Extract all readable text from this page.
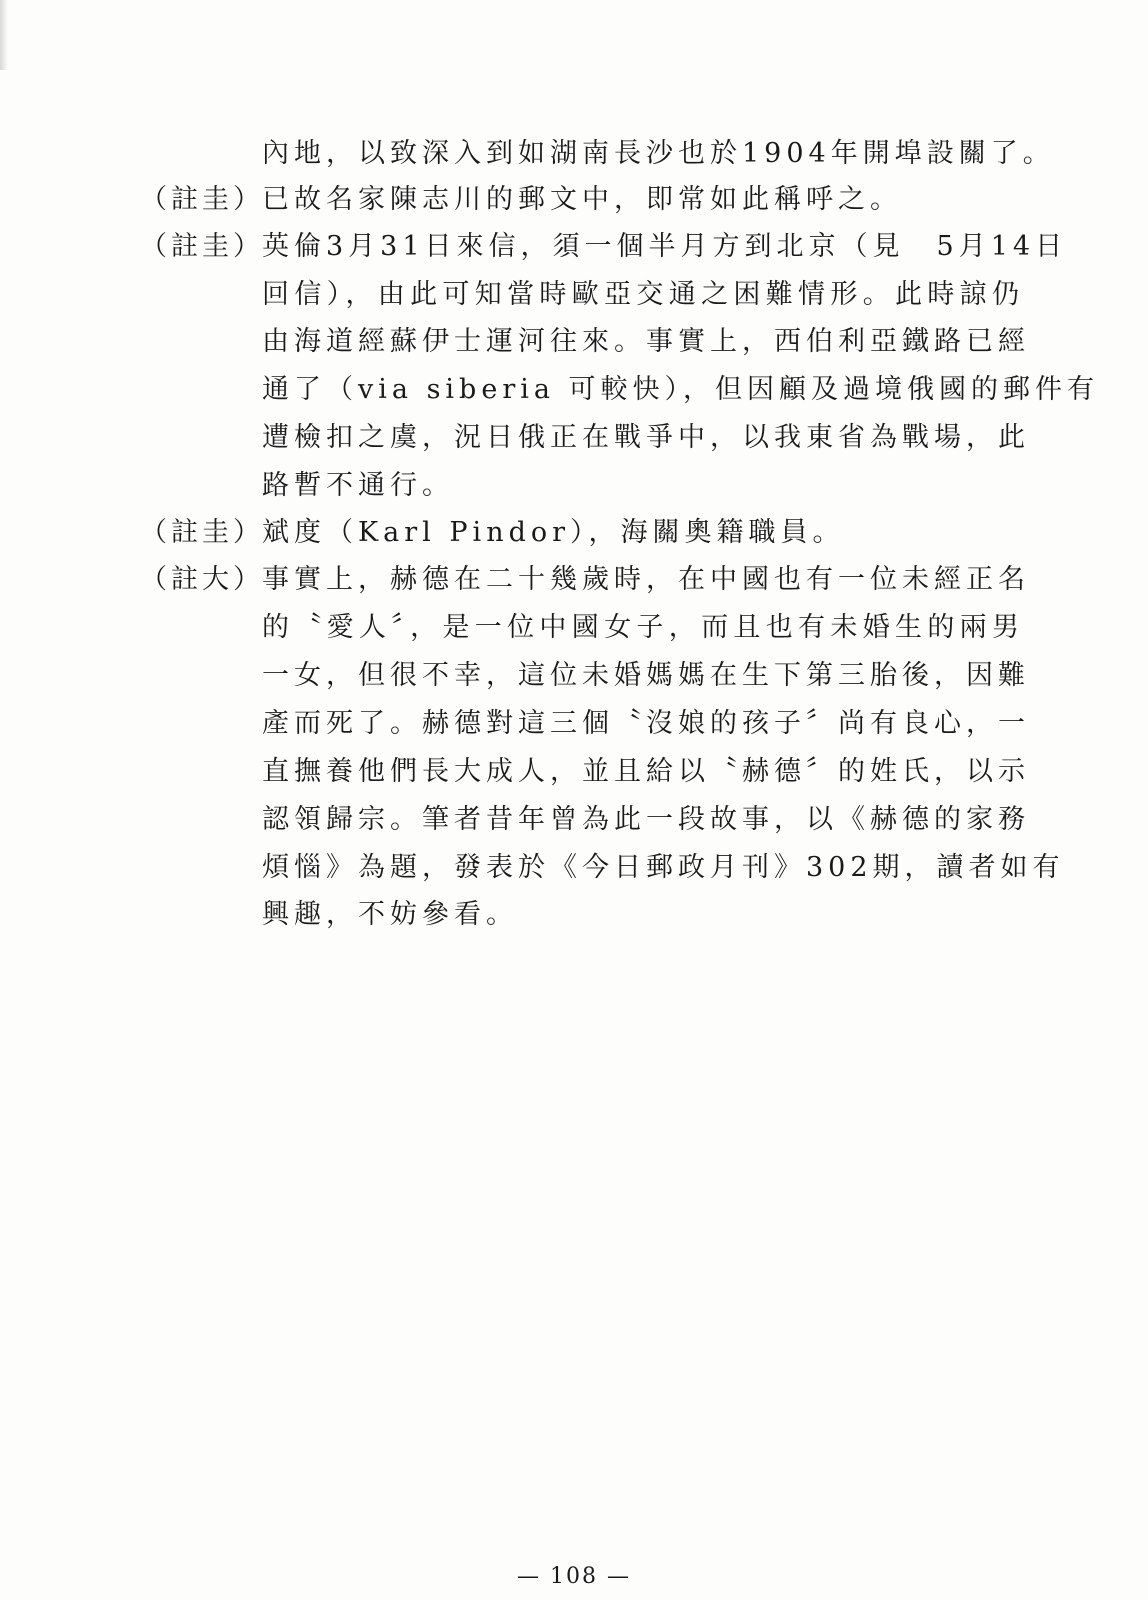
內地，以致深入到如湖南長沙也於1904年開埠設關了。
（註圭）
已故名家陳志川的郵文中，即常如此稱呼之。
（註圭）
英倫3月31日來信，須一個半月方到北京（見　5月14日
回信），由此可知當時歐亞交通之困難情形。此時諒仍
由海道經蘇伊士運河往來。事實上，西伯利亞鐵路已經
通了（via siberia 可較快），但因顧及過境俄國的郵件有
遭檢扣之虞，況日俄正在戰爭中，以我東省為戰場，此
路暫不通行。
（註圭）
斌度（Karl Pindor），海關奧籍職員。
（註大）
事實上，赫德在二十幾歲時，在中國也有一位未經正名
的〝愛人〞，是一位中國女子，而且也有未婚生的兩男
一女，但很不幸，這位未婚媽媽在生下第三胎後，因難
產而死了。赫德對這三個〝沒娘的孩子〞尚有良心，一
直撫養他們長大成人，並且給以〝赫德〞的姓氏，以示
認領歸宗。筆者昔年曾為此一段故事，以《赫德的家務
煩惱》為題，發表於《今日郵政月刊》302期，讀者如有
興趣，不妨參看。
— 108 —
